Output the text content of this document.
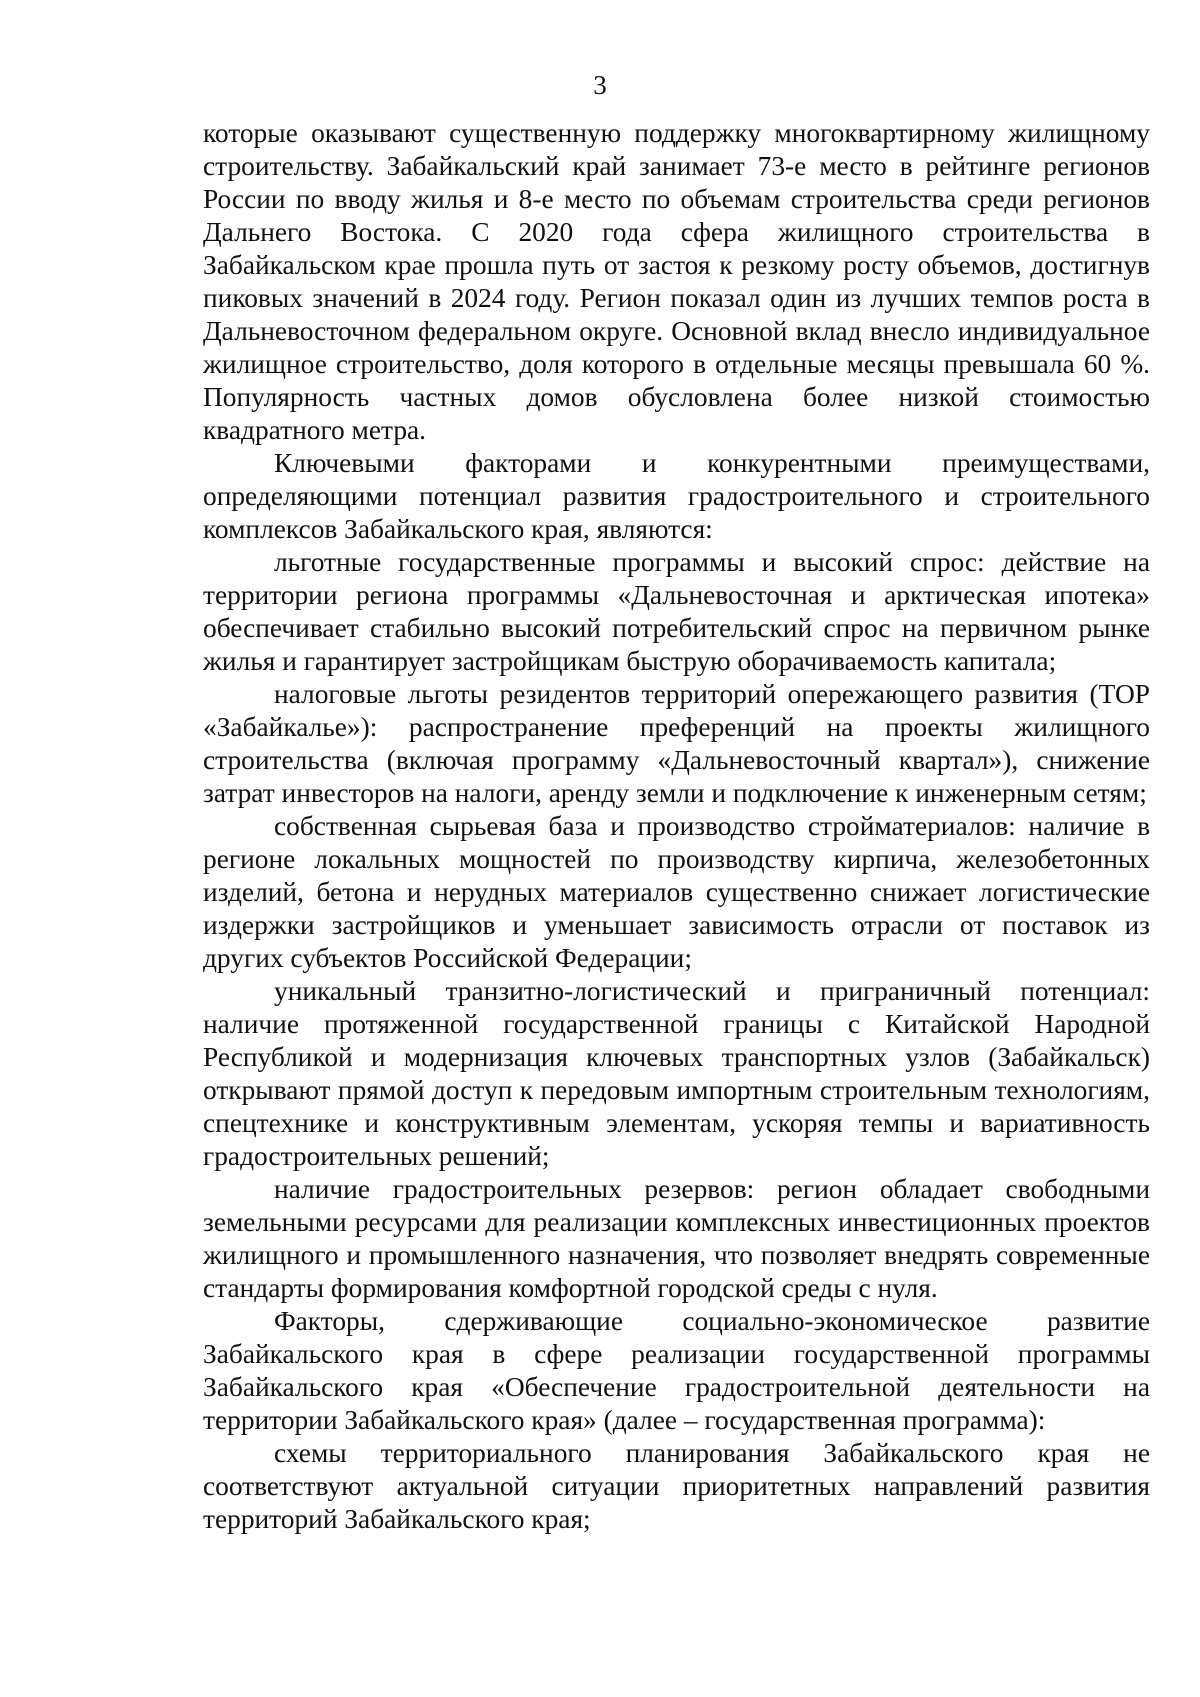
3

которые оказывают существенную поддержку многоквартирному жилищному строительству. Забайкальский край занимает 73-е место в рейтинге регионов России по вводу жилья и 8-е место по объемам строительства среди регионов Дальнего Востока. С 2020 года сфера жилищного строительства в Забайкальском крае прошла путь от застоя к резкому росту объемов, достигнув пиковых значений в 2024 году. Регион показал один из лучших темпов роста в Дальневосточном федеральном округе. Основной вклад внесло индивидуальное жилищное строительство, доля которого в отдельные месяцы превышала 60 %. Популярность частных домов обусловлена более низкой стоимостью квадратного метра.

Ключевыми факторами и конкурентными преимуществами, определяющими потенциал развития градостроительного и строительного комплексов Забайкальского края, являются:

льготные государственные программы и высокий спрос: действие на территории региона программы «Дальневосточная и арктическая ипотека» обеспечивает стабильно высокий потребительский спрос на первичном рынке жилья и гарантирует застройщикам быструю оборачиваемость капитала;

налоговые льготы резидентов территорий опережающего развития (ТОР «Забайкалье»): распространение преференций на проекты жилищного строительства (включая программу «Дальневосточный квартал»), снижение затрат инвесторов на налоги, аренду земли и подключение к инженерным сетям;

собственная сырьевая база и производство стройматериалов: наличие в регионе локальных мощностей по производству кирпича, железобетонных изделий, бетона и нерудных материалов существенно снижает логистические издержки застройщиков и уменьшает зависимость отрасли от поставок из других субъектов Российской Федерации;

уникальный транзитно-логистический и приграничный потенциал: наличие протяженной государственной границы с Китайской Народной Республикой и модернизация ключевых транспортных узлов (Забайкальск) открывают прямой доступ к передовым импортным строительным технологиям, спецтехнике и конструктивным элементам, ускоряя темпы и вариативность градостроительных решений;

наличие градостроительных резервов: регион обладает свободными земельными ресурсами для реализации комплексных инвестиционных проектов жилищного и промышленного назначения, что позволяет внедрять современные стандарты формирования комфортной городской среды с нуля.

Факторы, сдерживающие социально-экономическое развитие Забайкальского края в сфере реализации государственной программы Забайкальского края «Обеспечение градостроительной деятельности на территории Забайкальского края» (далее – государственная программа):

схемы территориального планирования Забайкальского края не соответствуют актуальной ситуации приоритетных направлений развития территорий Забайкальского края;
